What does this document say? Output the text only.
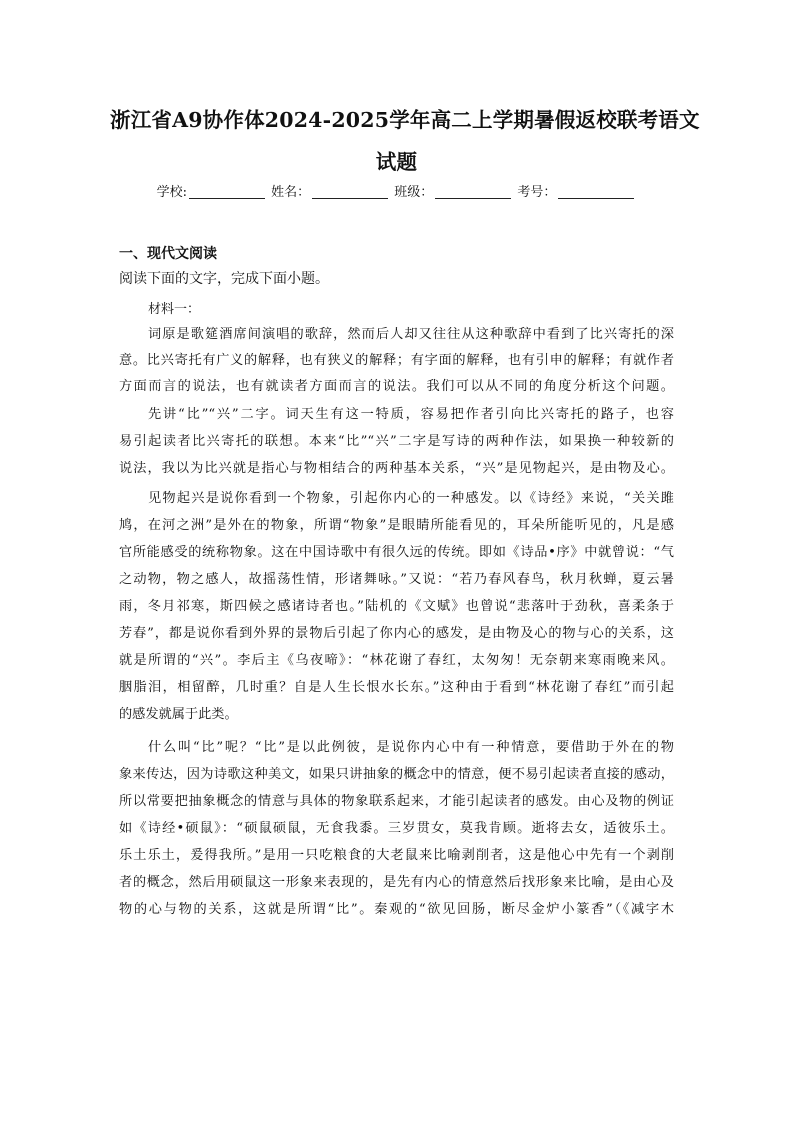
浙江省A9协作体2024-2025学年高二上学期暑假返校联考语文
试题
学校:	姓名：	班级：	考号：
一、现代文阅读
阅读下面的文字，完成下面小题。
材料一：
词原是歌筵酒席间演唱的歌辞，然而后人却又往往从这种歌辞中看到了比兴寄托的深
意。比兴寄托有广义的解释，也有狭义的解释；有字面的解释，也有引申的解释；有就作者
方面而言的说法，也有就读者方面而言的说法。我们可以从不同的角度分析这个问题。
先讲“比”“兴”二字。词天生有这一特质，容易把作者引向比兴寄托的路子，也容
易引起读者比兴寄托的联想。本来“比”“兴”二字是写诗的两种作法，如果换一种较新的
说法，我以为比兴就是指心与物相结合的两种基本关系，“兴”是见物起兴，是由物及心。
见物起兴是说你看到一个物象，引起你内心的一种感发。以《诗经》来说，“关关雎
鸠，在河之洲”是外在的物象，所谓“物象”是眼睛所能看见的，耳朵所能听见的，凡是感
官所能感受的统称物象。这在中国诗歌中有很久远的传统。即如《诗品•序》中就曾说：“气
之动物，物之感人，故摇荡性情，形诸舞咏。”又说：“若乃春风春鸟，秋月秋蝉，夏云暑
雨，冬月祁寒，斯四候之感诸诗者也。”陆机的《文赋》也曾说“悲落叶于劲秋，喜柔条于
芳春”，都是说你看到外界的景物后引起了你内心的感发，是由物及心的物与心的关系，这
就是所谓的“兴”。李后主《乌夜啼》：“林花谢了春红，太匆匆！无奈朝来寒雨晚来风。
胭脂泪，相留醉，几时重？自是人生长恨水长东。”这种由于看到“林花谢了春红”而引起
的感发就属于此类。
什么叫“比”呢？“比”是以此例彼，是说你内心中有一种情意，要借助于外在的物
象来传达，因为诗歌这种美文，如果只讲抽象的概念中的情意，便不易引起读者直接的感动，
所以常要把抽象概念的情意与具体的物象联系起来，才能引起读者的感发。由心及物的例证
如《诗经•硕鼠》：“硕鼠硕鼠，无食我黍。三岁贯女，莫我肯顾。逝将去女，适彼乐土。
乐土乐土，爰得我所。”是用一只吃粮食的大老鼠来比喻剥削者，这是他心中先有一个剥削
者的概念，然后用硕鼠这一形象来表现的，是先有内心的情意然后找形象来比喻，是由心及
物的心与物的关系，这就是所谓“比”。秦观的“欲见回肠，断尽金炉小篆香”（《减字木
